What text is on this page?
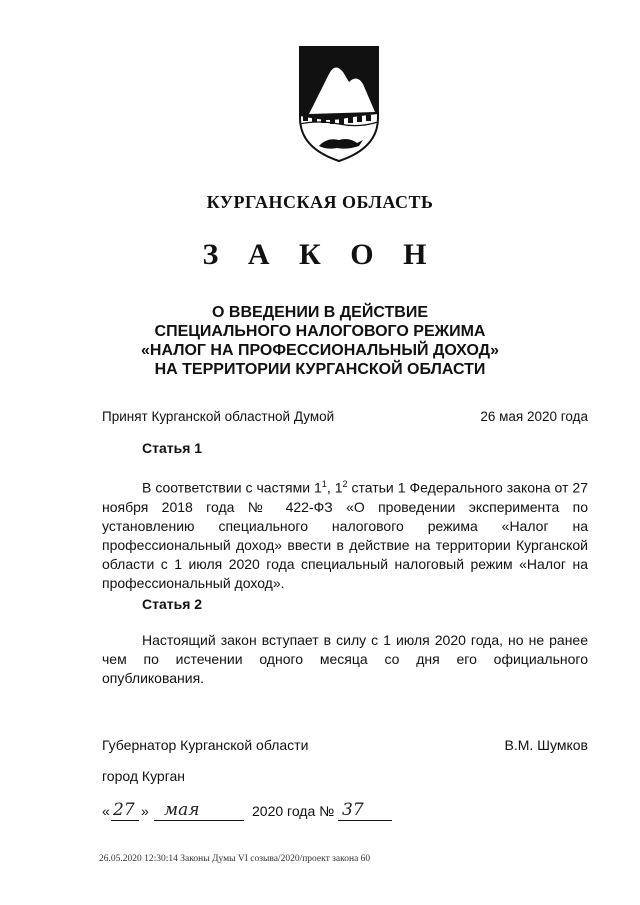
КУРГАНСКАЯ ОБЛАСТЬ
З А К О Н
О ВВЕДЕНИИ В ДЕЙСТВИЕ
СПЕЦИАЛЬНОГО НАЛОГОВОГО РЕЖИМА
«НАЛОГ НА ПРОФЕССИОНАЛЬНЫЙ ДОХОД»
НА ТЕРРИТОРИИ КУРГАНСКОЙ ОБЛАСТИ
Принят Курганской областной Думой	26 мая 2020 года
Статья 1
В соответствии с частями $1^1$, $1^2$ статьи 1 Федерального закона от 27 ноября 2018 года № 422-ФЗ «О проведении эксперимента по установлению специального налогового режима «Налог на профессиональный доход» ввести в действие на территории Курганской области с 1 июля 2020 года специальный налоговый режим «Налог на профессиональный доход».
Статья 2
Настоящий закон вступает в силу с 1 июля 2020 года, но не ранее чем по истечении одного месяца со дня его официального опубликования.
Губернатор Курганской области	В.М. Шумков
город Курган
« 27 » мая	2020 года № 37
26.05.2020 12:30:14 Законы Думы VI созыва/2020/проект закона 60
